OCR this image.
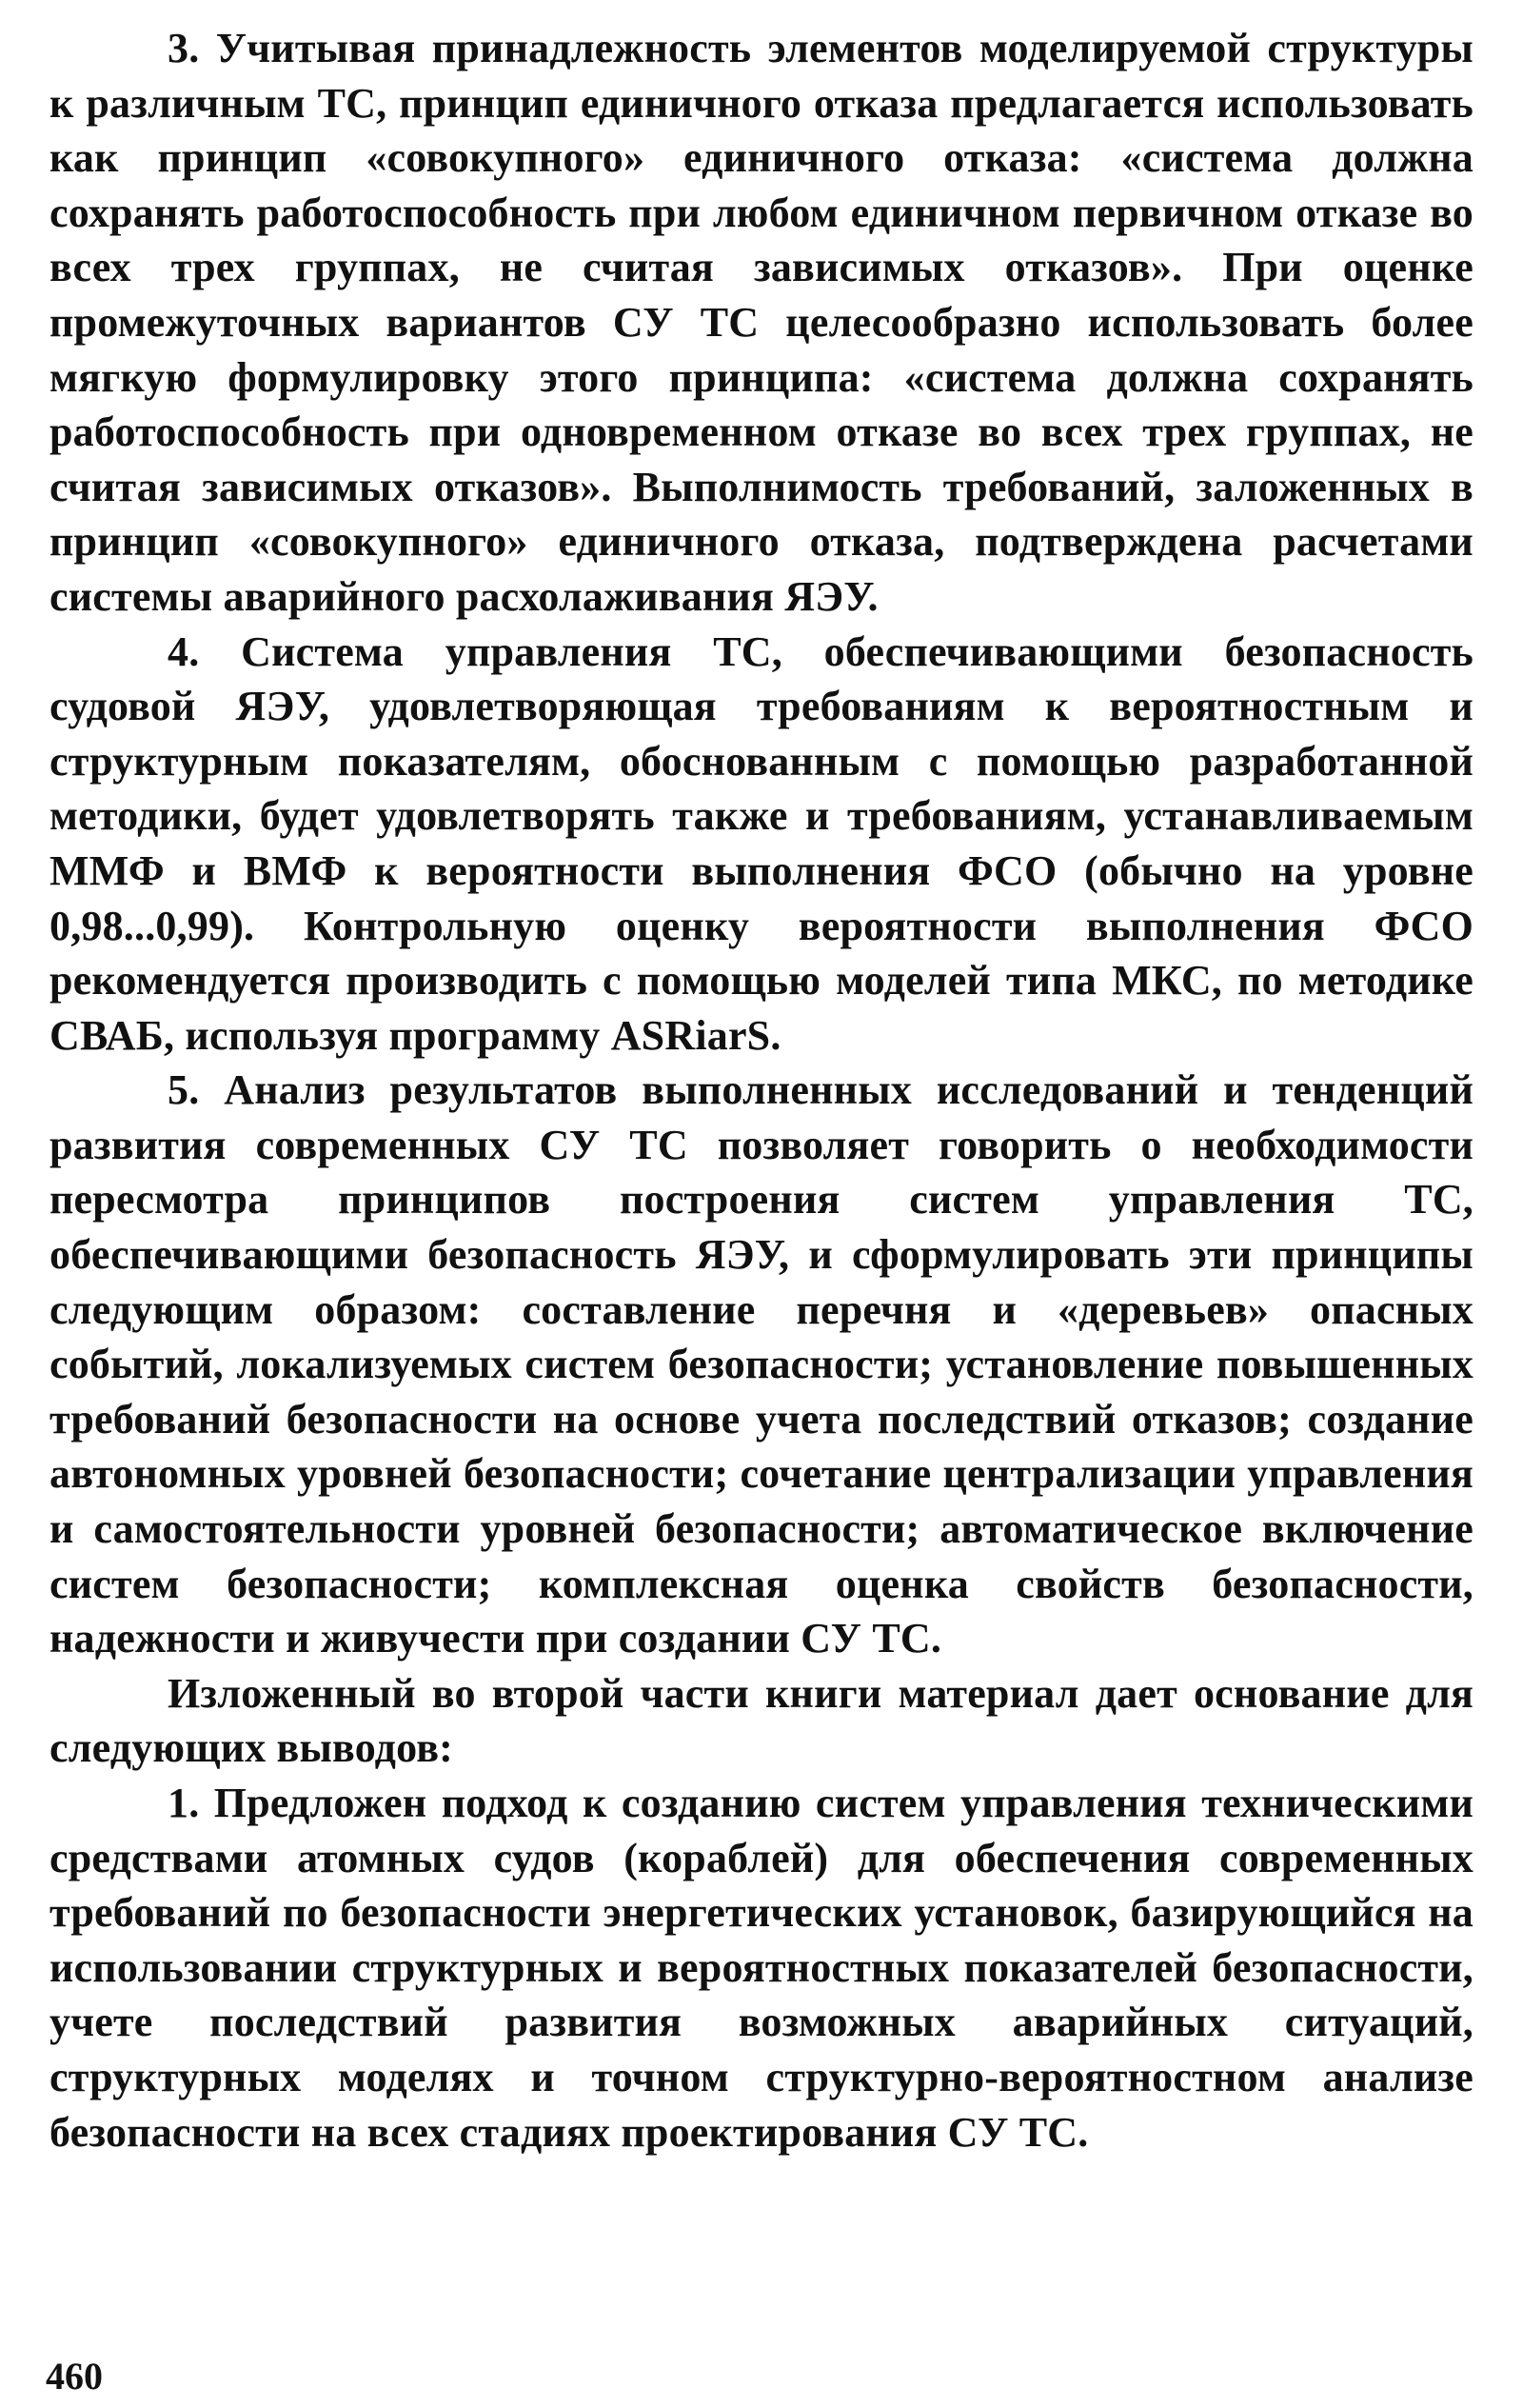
3. Учитывая принадлежность элементов моделируемой структуры к различным ТС, принцип единичного отказа предлагается использовать как принцип «совокупного» единичного отказа: «система должна сохранять работоспособность при любом единичном первичном отказе во всех трех группах, не считая зависимых отказов». При оценке промежуточных вариантов СУ ТС целесообразно использовать более мягкую формулировку этого принципа: «система должна сохранять работоспособность при одновременном отказе во всех трех группах, не считая зависимых отказов». Выполнимость требований, заложенных в принцип «совокупного» единичного отказа, подтверждена расчетами системы аварийного расхолаживания ЯЭУ.

4. Система управления ТС, обеспечивающими безопасность судовой ЯЭУ, удовлетворяющая требованиям к вероятностным и структурным показателям, обоснованным с помощью разработанной методики, будет удовлетворять также и требованиям, устанавливаемым ММФ и ВМФ к вероятности выполнения ФСО (обычно на уровне 0,98...0,99). Контрольную оценку вероятности выполнения ФСО рекомендуется производить с помощью моделей типа МКС, по методике СВАБ, используя программу ASRiarS.

5. Анализ результатов выполненных исследований и тенденций развития современных СУ ТС позволяет говорить о необходимости пересмотра принципов построения систем управления ТС, обеспечивающими безопасность ЯЭУ, и сформулировать эти принципы следующим образом: составление перечня и «деревьев» опасных событий, локализуемых систем безопасности; установление повышенных требований безопасности на основе учета последствий отказов; создание автономных уровней безопасности; сочетание централизации управления и самостоятельности уровней безопасности; автоматическое включение систем безопасности; комплексная оценка свойств безопасности, надежности и живучести при создании СУ ТС.

Изложенный во второй части книги материал дает основание для следующих выводов:

1. Предложен подход к созданию систем управления техническими средствами атомных судов (кораблей) для обеспечения современных требований по безопасности энергетических установок, базирующийся на использовании структурных и вероятностных показателей безопасности, учете последствий развития возможных аварийных ситуаций, структурных моделях и точном структурно-вероятностном анализе безопасности на всех стадиях проектирования СУ ТС.

460
